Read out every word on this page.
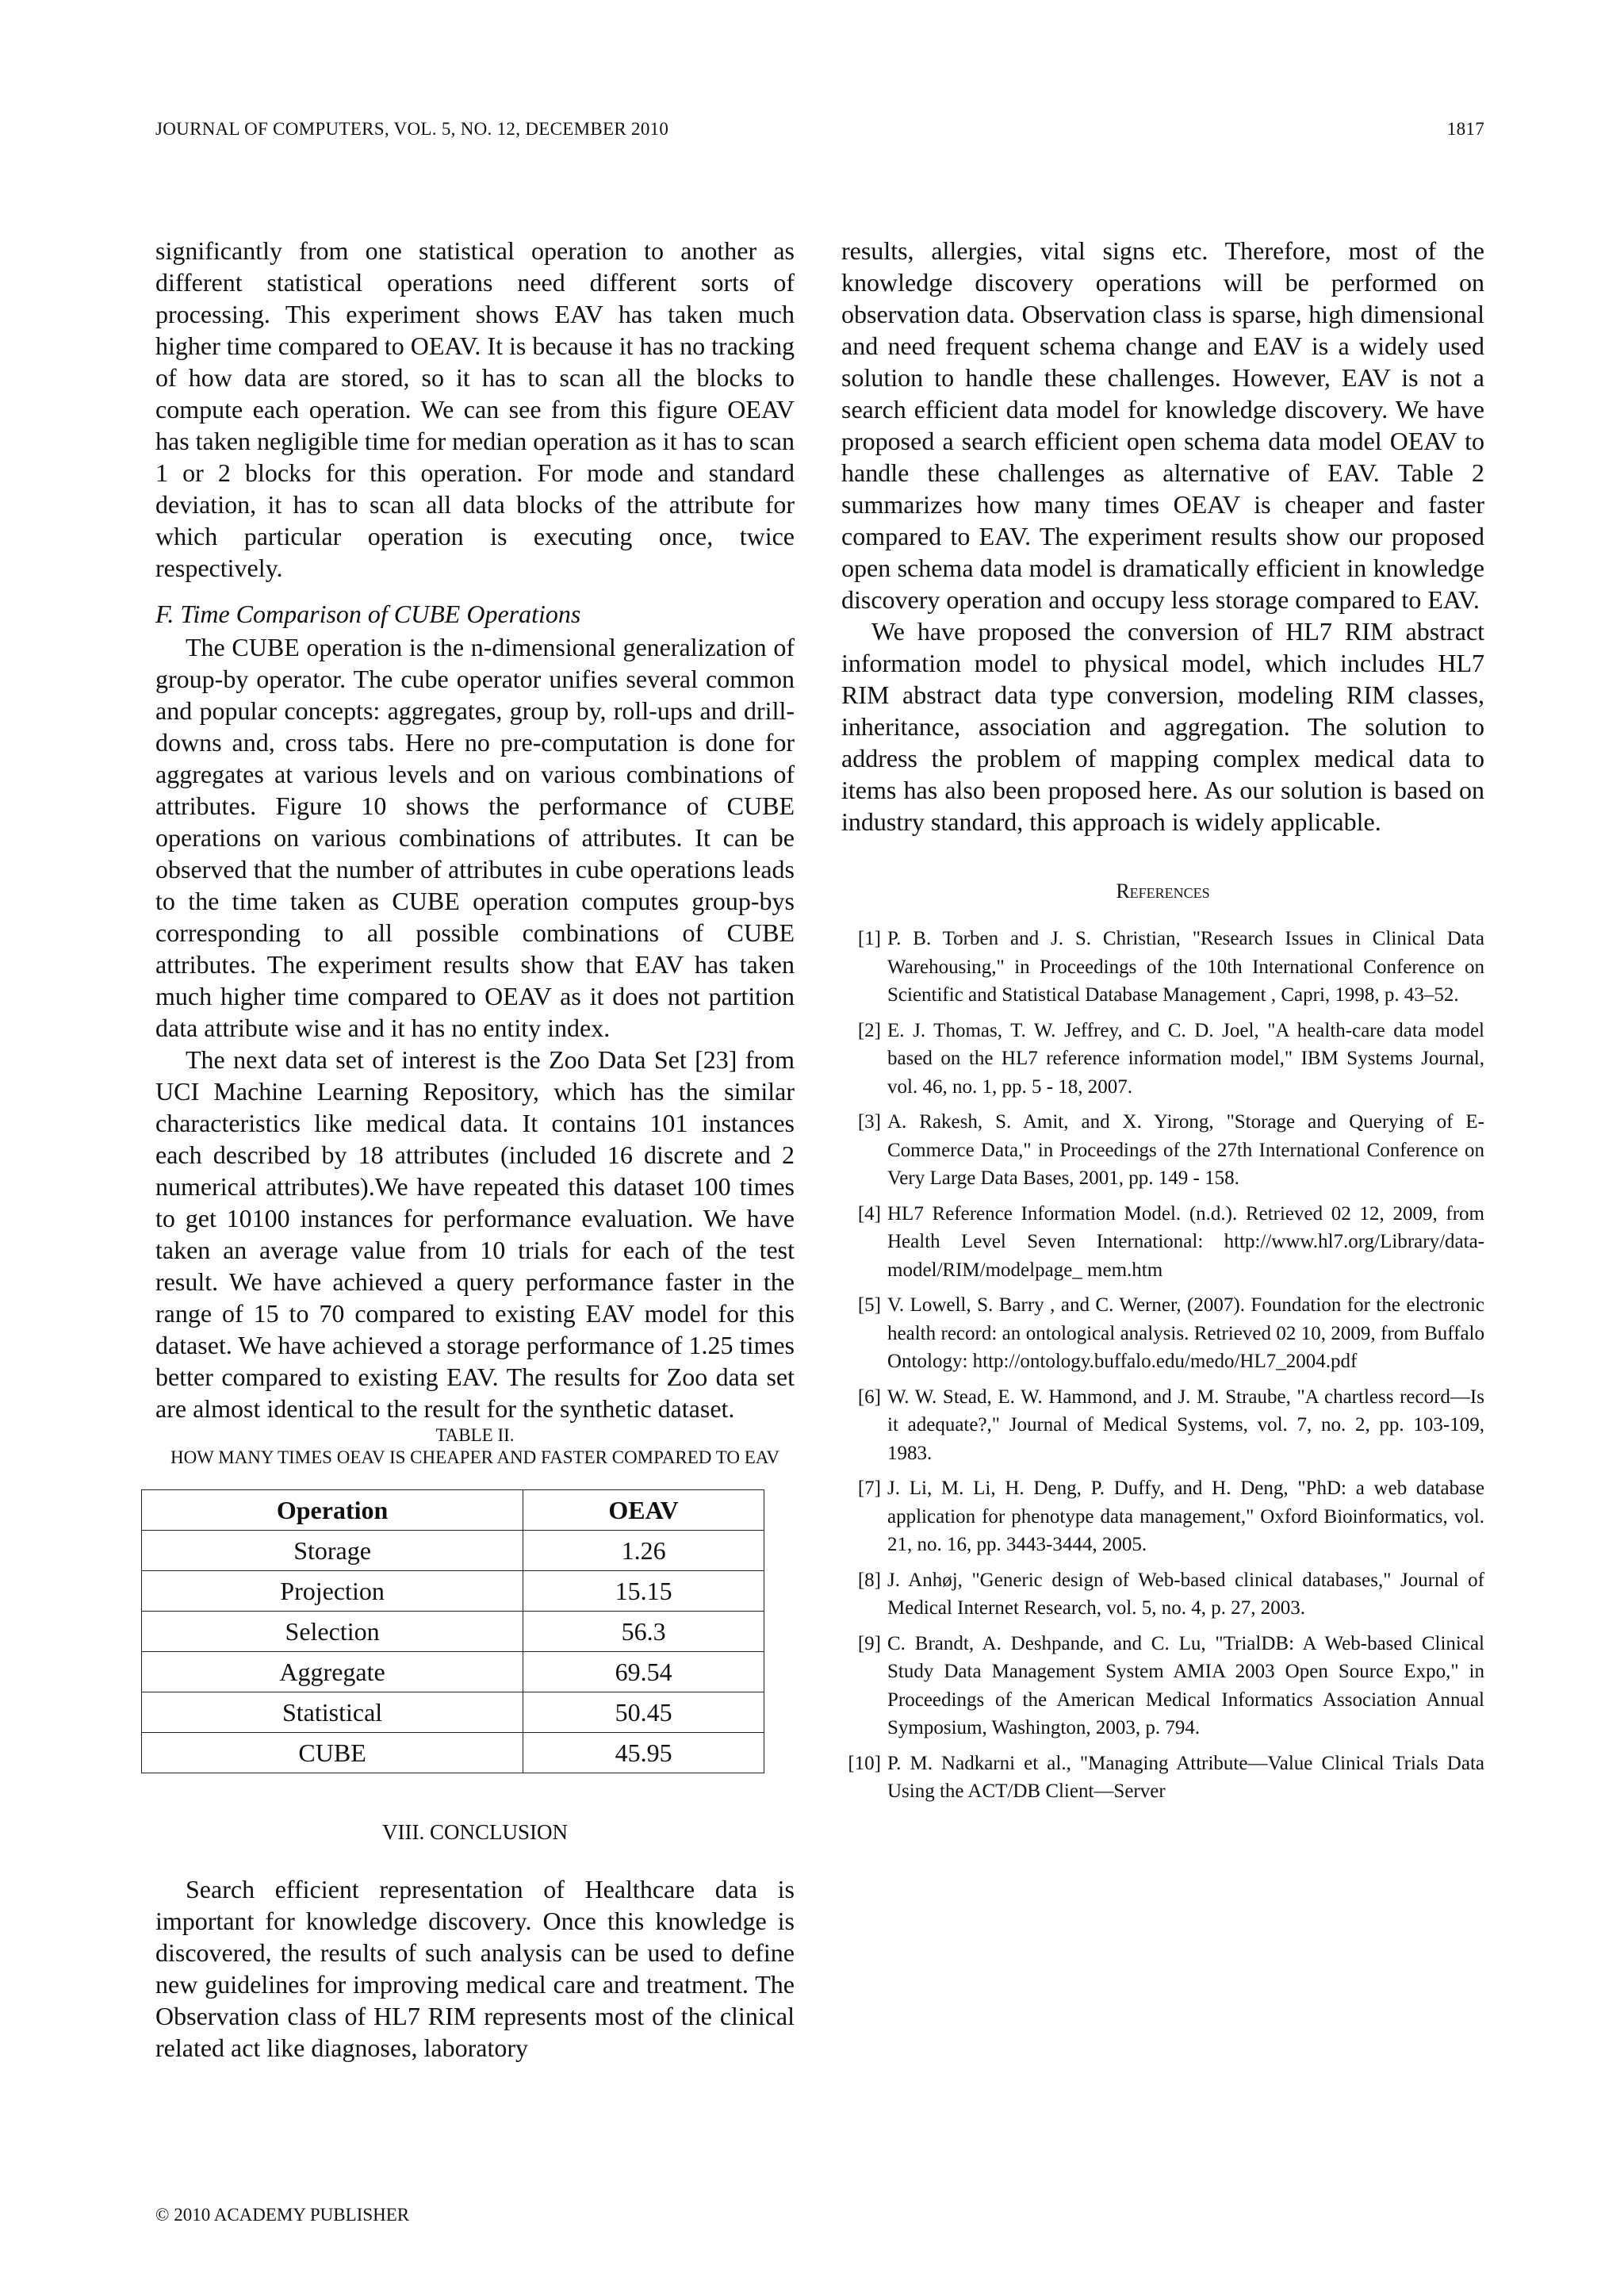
JOURNAL OF COMPUTERS, VOL. 5, NO. 12, DECEMBER 2010	1817

significantly from one statistical operation to another as different statistical operations need different sorts of processing. This experiment shows EAV has taken much higher time compared to OEAV. It is because it has no tracking of how data are stored, so it has to scan all the blocks to compute each operation. We can see from this figure OEAV has taken negligible time for median operation as it has to scan 1 or 2 blocks for this operation. For mode and standard deviation, it has to scan all data blocks of the attribute for which particular operation is executing once, twice respectively.

F. Time Comparison of CUBE Operations

The CUBE operation is the n-dimensional generalization of group-by operator. The cube operator unifies several common and popular concepts: aggregates, group by, roll-ups and drill-downs and, cross tabs. Here no pre-computation is done for aggregates at various levels and on various combinations of attributes. Figure 10 shows the performance of CUBE operations on various combinations of attributes. It can be observed that the number of attributes in cube operations leads to the time taken as CUBE operation computes group-bys corresponding to all possible combinations of CUBE attributes. The experiment results show that EAV has taken much higher time compared to OEAV as it does not partition data attribute wise and it has no entity index.

The next data set of interest is the Zoo Data Set [23] from UCI Machine Learning Repository, which has the similar characteristics like medical data. It contains 101 instances each described by 18 attributes (included 16 discrete and 2 numerical attributes).We have repeated this dataset 100 times to get 10100 instances for performance evaluation. We have taken an average value from 10 trials for each of the test result. We have achieved a query performance faster in the range of 15 to 70 compared to existing EAV model for this dataset. We have achieved a storage performance of 1.25 times better compared to existing EAV. The results for Zoo data set are almost identical to the result for the synthetic dataset.

TABLE II.
HOW MANY TIMES OEAV IS CHEAPER AND FASTER COMPARED TO EAV
Operation	OEAV
Storage	1.26
Projection	15.15
Selection	56.3
Aggregate	69.54
Statistical	50.45
CUBE	45.95
VIII. CONCLUSION

Search efficient representation of Healthcare data is important for knowledge discovery. Once this knowledge is discovered, the results of such analysis can be used to define new guidelines for improving medical care and treatment. The Observation class of HL7 RIM represents most of the clinical related act like diagnoses, laboratory

results, allergies, vital signs etc. Therefore, most of the knowledge discovery operations will be performed on observation data. Observation class is sparse, high dimensional and need frequent schema change and EAV is a widely used solution to handle these challenges. However, EAV is not a search efficient data model for knowledge discovery. We have proposed a search efficient open schema data model OEAV to handle these challenges as alternative of EAV. Table 2 summarizes how many times OEAV is cheaper and faster compared to EAV. The experiment results show our proposed open schema data model is dramatically efficient in knowledge discovery operation and occupy less storage compared to EAV.

We have proposed the conversion of HL7 RIM abstract information model to physical model, which includes HL7 RIM abstract data type conversion, modeling RIM classes, inheritance, association and aggregation. The solution to address the problem of mapping complex medical data to items has also been proposed here. As our solution is based on industry standard, this approach is widely applicable.

References
[1] P. B. Torben and J. S. Christian, "Research Issues in Clinical Data Warehousing," in Proceedings of the 10th International Conference on Scientific and Statistical Database Management , Capri, 1998, p. 43–52.
[2] E. J. Thomas, T. W. Jeffrey, and C. D. Joel, "A health-care data model based on the HL7 reference information model," IBM Systems Journal, vol. 46, no. 1, pp. 5 - 18, 2007.
[3] A. Rakesh, S. Amit, and X. Yirong, "Storage and Querying of E-Commerce Data," in Proceedings of the 27th International Conference on Very Large Data Bases, 2001, pp. 149 - 158.
[4] HL7 Reference Information Model. (n.d.). Retrieved 02 12, 2009, from Health Level Seven International: http://www.hl7.org/Library/data-model/RIM/modelpage_ mem.htm
[5] V. Lowell, S. Barry , and C. Werner, (2007). Foundation for the electronic health record: an ontological analysis. Retrieved 02 10, 2009, from Buffalo Ontology: http://ontology.buffalo.edu/medo/HL7_2004.pdf
[6] W. W. Stead, E. W. Hammond, and J. M. Straube, "A chartless record—Is it adequate?," Journal of Medical Systems, vol. 7, no. 2, pp. 103-109, 1983.
[7] J. Li, M. Li, H. Deng, P. Duffy, and H. Deng, "PhD: a web database application for phenotype data management," Oxford Bioinformatics, vol. 21, no. 16, pp. 3443-3444, 2005.
[8] J. Anhøj, "Generic design of Web-based clinical databases," Journal of Medical Internet Research, vol. 5, no. 4, p. 27, 2003.
[9] C. Brandt, A. Deshpande, and C. Lu, "TrialDB: A Web-based Clinical Study Data Management System AMIA 2003 Open Source Expo," in Proceedings of the American Medical Informatics Association Annual Symposium, Washington, 2003, p. 794.
[10] P. M. Nadkarni et al., "Managing Attribute—Value Clinical Trials Data Using the ACT/DB Client—Server
© 2010 ACADEMY PUBLISHER
